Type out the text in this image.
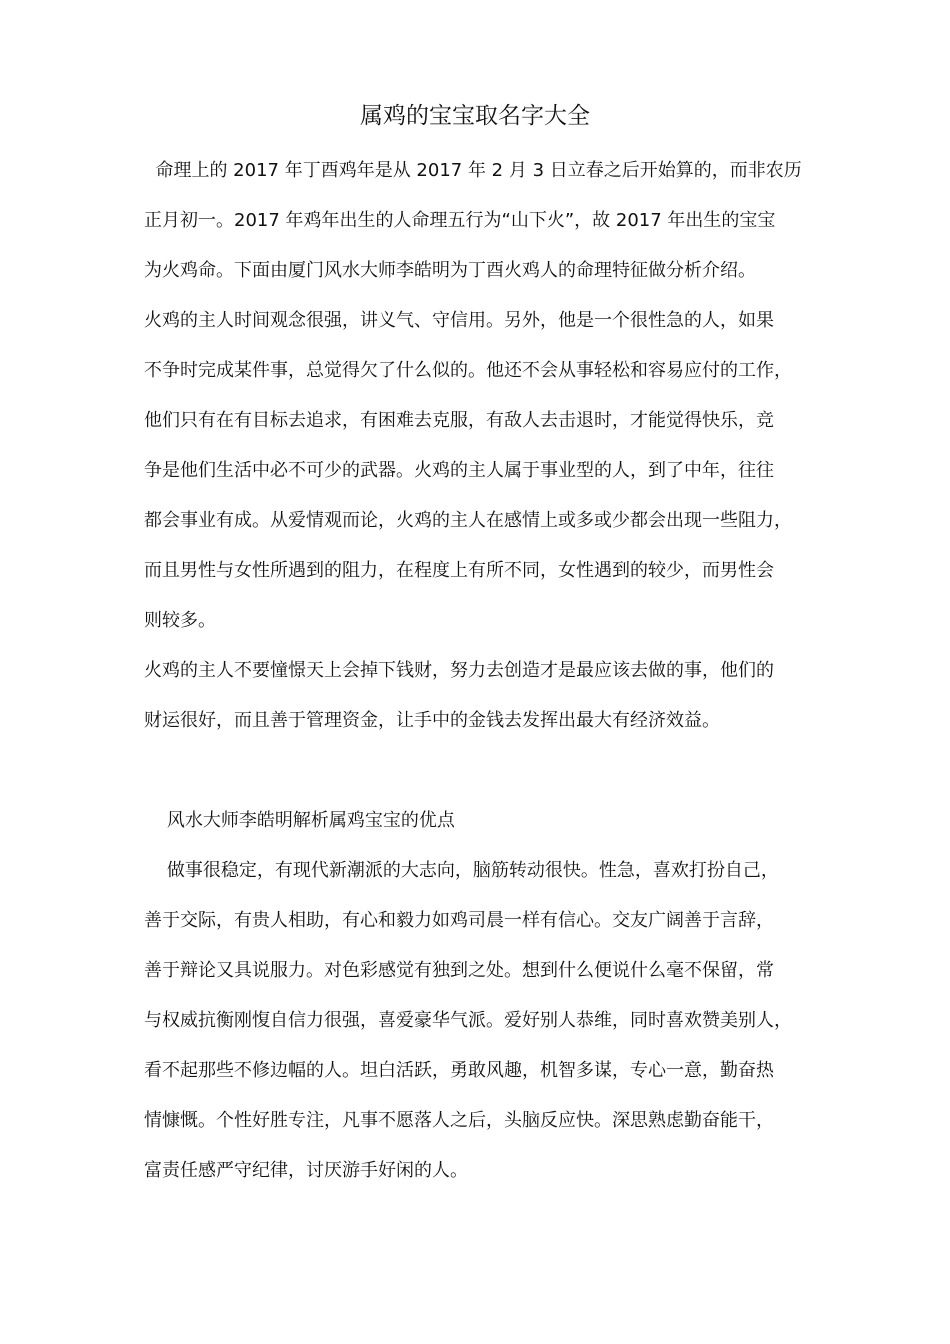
属鸡的宝宝取名字大全
命理上的 2017 年丁酉鸡年是从 2017 年 2 月 3 日立春之后开始算的，而非农历
正月初一。2017 年鸡年出生的人命理五行为“山下火”，故 2017 年出生的宝宝
为火鸡命。下面由厦门风水大师李皓明为丁酉火鸡人的命理特征做分析介绍。
火鸡的主人时间观念很强，讲义气、守信用。另外，他是一个很性急的人，如果
不争时完成某件事，总觉得欠了什么似的。他还不会从事轻松和容易应付的工作，
他们只有在有目标去追求，有困难去克服，有敌人去击退时，才能觉得快乐，竞
争是他们生活中必不可少的武器。火鸡的主人属于事业型的人，到了中年，往往
都会事业有成。从爱情观而论，火鸡的主人在感情上或多或少都会出现一些阻力，
而且男性与女性所遇到的阻力，在程度上有所不同，女性遇到的较少，而男性会
则较多。
火鸡的主人不要憧憬天上会掉下钱财，努力去创造才是最应该去做的事，他们的
财运很好，而且善于管理资金，让手中的金钱去发挥出最大有经济效益。
风水大师李皓明解析属鸡宝宝的优点
做事很稳定，有现代新潮派的大志向，脑筋转动很快。性急，喜欢打扮自己，
善于交际，有贵人相助，有心和毅力如鸡司晨一样有信心。交友广阔善于言辞，
善于辩论又具说服力。对色彩感觉有独到之处。想到什么便说什么毫不保留，常
与权威抗衡刚愎自信力很强，喜爱豪华气派。爱好别人恭维，同时喜欢赞美别人，
看不起那些不修边幅的人。坦白活跃，勇敢风趣，机智多谋，专心一意，勤奋热
情慷慨。个性好胜专注，凡事不愿落人之后，头脑反应快。深思熟虑勤奋能干，
富责任感严守纪律，讨厌游手好闲的人。
